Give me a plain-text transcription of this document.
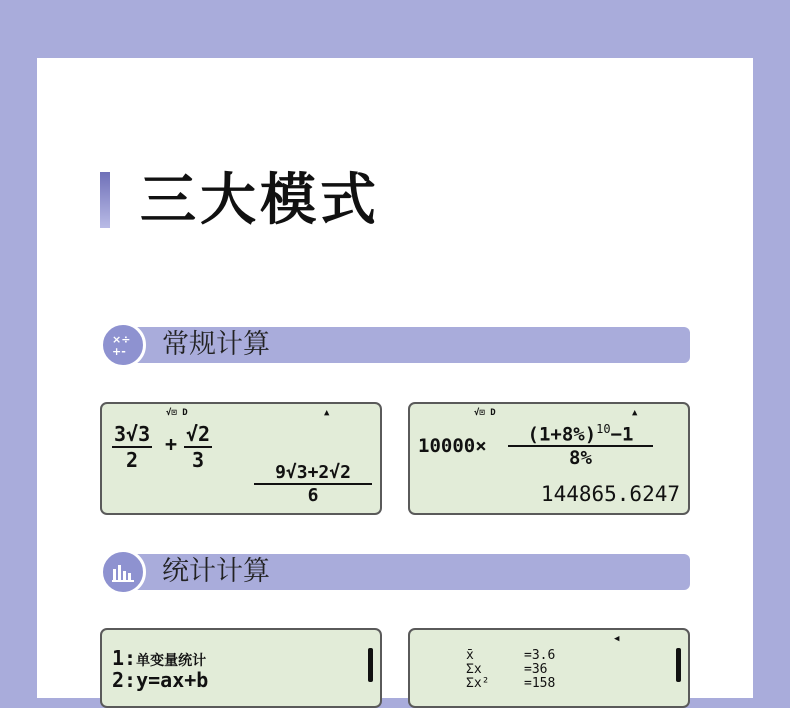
三大模式
×÷
+- 常规计算
√⊡ D	▲
$\frac{3√3}{2} + \frac{√2}{3}$
$\frac{9√3+2√2}{6}$
√⊡ D	▲
$10000\times \frac{(1+8\%)^{10}-1}{8\%}$
144865.6247
统计计算
1:单变量统计
2:y=ax+b
◀
x̄	=3.6
Σx	=36
Σx²	=158
